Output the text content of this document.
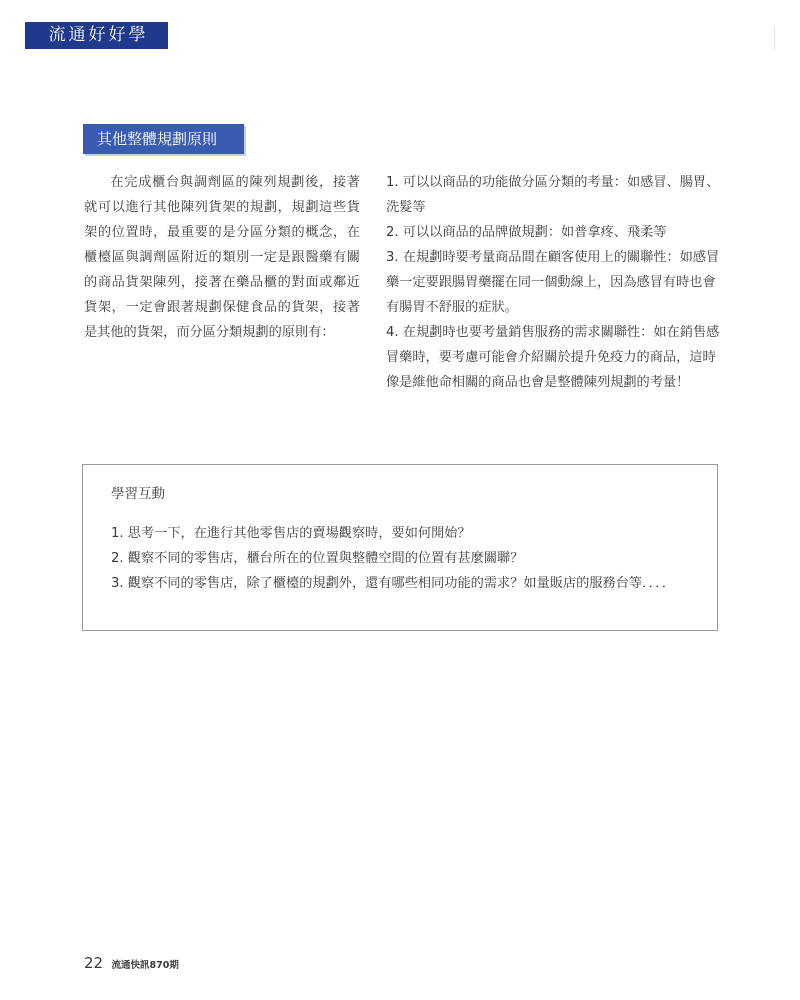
流通好好學
其他整體規劃原則

在完成櫃台與調劑區的陳列規劃後，接著就可以進行其他陳列貨架的規劃，規劃這些貨架的位置時，最重要的是分區分類的概念，在櫃檯區與調劑區附近的類別一定是跟醫藥有關的商品貨架陳列，接著在藥品櫃的對面或鄰近貨架，一定會跟著規劃保健食品的貨架，接著是其他的貨架，而分區分類規劃的原則有：

1. 可以以商品的功能做分區分類的考量：如感冒、腸胃、洗髮等

2. 可以以商品的品牌做規劃：如普拿疼、飛柔等

3. 在規劃時要考量商品間在顧客使用上的關聯性：如感冒藥一定要跟腸胃藥擺在同一個動線上，因為感冒有時也會有腸胃不舒服的症狀。

4. 在規劃時也要考量銷售服務的需求關聯性：如在銷售感冒藥時，要考慮可能會介紹關於提升免疫力的商品，這時像是維他命相關的商品也會是整體陳列規劃的考量！

學習互動

1. 思考一下，在進行其他零售店的賣場觀察時，要如何開始？
2. 觀察不同的零售店，櫃台所在的位置與整體空間的位置有甚麼關聯？
3. 觀察不同的零售店，除了櫃檯的規劃外，還有哪些相同功能的需求？如量販店的服務台等．．．．
22 流通快訊870期
